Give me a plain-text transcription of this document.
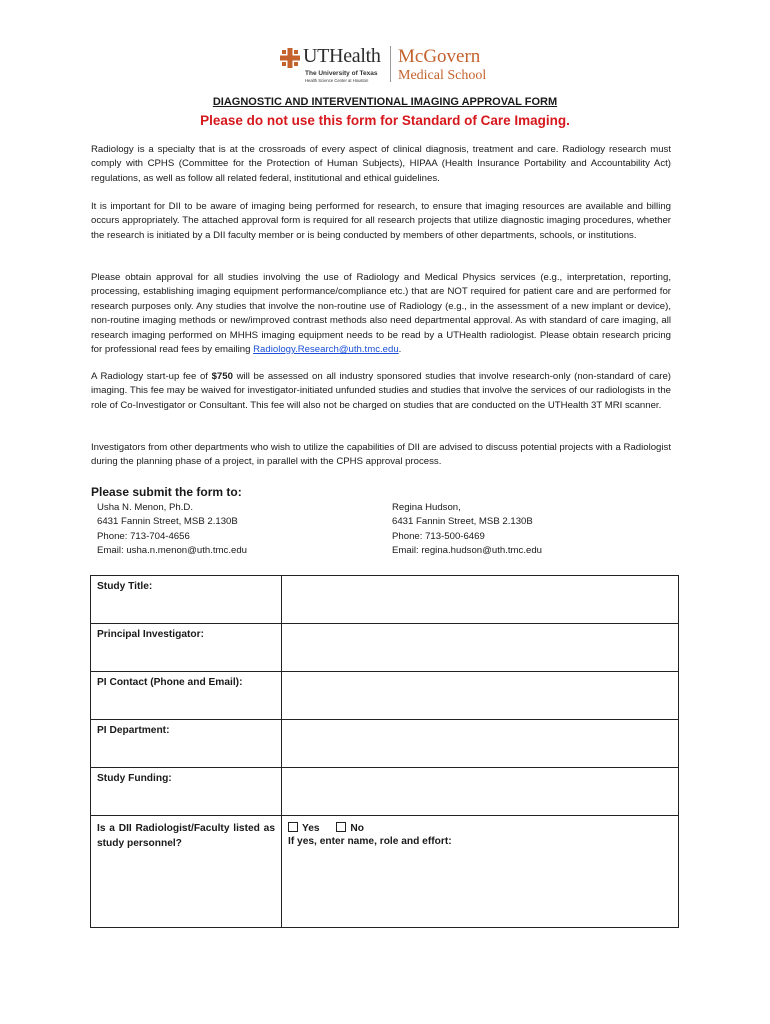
UTHealth
The University of Texas
Health Science Center at Houston
McGovern
Medical School
DIAGNOSTIC AND INTERVENTIONAL IMAGING APPROVAL FORM
Please do not use this form for Standard of Care Imaging.

Radiology is a specialty that is at the crossroads of every aspect of clinical diagnosis, treatment and care. Radiology research must comply with CPHS (Committee for the Protection of Human Subjects), HIPAA (Health Insurance Portability and Accountability Act) regulations, as well as follow all related federal, institutional and ethical guidelines.

It is important for DII to be aware of imaging being performed for research, to ensure that imaging resources are available and billing occurs appropriately. The attached approval form is required for all research projects that utilize diagnostic imaging procedures, whether the research is initiated by a DII faculty member or is being conducted by members of other departments, schools, or institutions.

Please obtain approval for all studies involving the use of Radiology and Medical Physics services (e.g., interpretation, reporting, processing, establishing imaging equipment performance/compliance etc.) that are NOT required for patient care and are performed for research purposes only. Any studies that involve the non-routine use of Radiology (e.g., in the assessment of a new implant or device), non-routine imaging methods or new/improved contrast methods also need departmental approval. As with standard of care imaging, all research imaging performed on MHHS imaging equipment needs to be read by a UTHealth radiologist. Please obtain research pricing for professional read fees by emailing Radiology.Research@uth.tmc.edu.

A Radiology start-up fee of $750 will be assessed on all industry sponsored studies that involve research-only (non-standard of care) imaging. This fee may be waived for investigator-initiated unfunded studies and studies that involve the services of our radiologists in the role of Co-Investigator or Consultant. This fee will also not be charged on studies that are conducted on the UTHealth 3T MRI scanner.

Investigators from other departments who wish to utilize the capabilities of DII are advised to discuss potential projects with a Radiologist during the planning phase of a project, in parallel with the CPHS approval process.

Please submit the form to:
Usha N. Menon, Ph.D.
6431 Fannin Street, MSB 2.130B
Phone: 713-704-4656
Email: usha.n.menon@uth.tmc.edu
Regina Hudson,
6431 Fannin Street, MSB 2.130B
Phone: 713-500-6469
Email: regina.hudson@uth.tmc.edu
Study Title:	
Principal Investigator:	
PI Contact (Phone and Email):	
PI Department:	
Study Funding:	
Is a DII Radiologist/Faculty listed as study personnel?	Yes No
If yes, enter name, role and effort:
